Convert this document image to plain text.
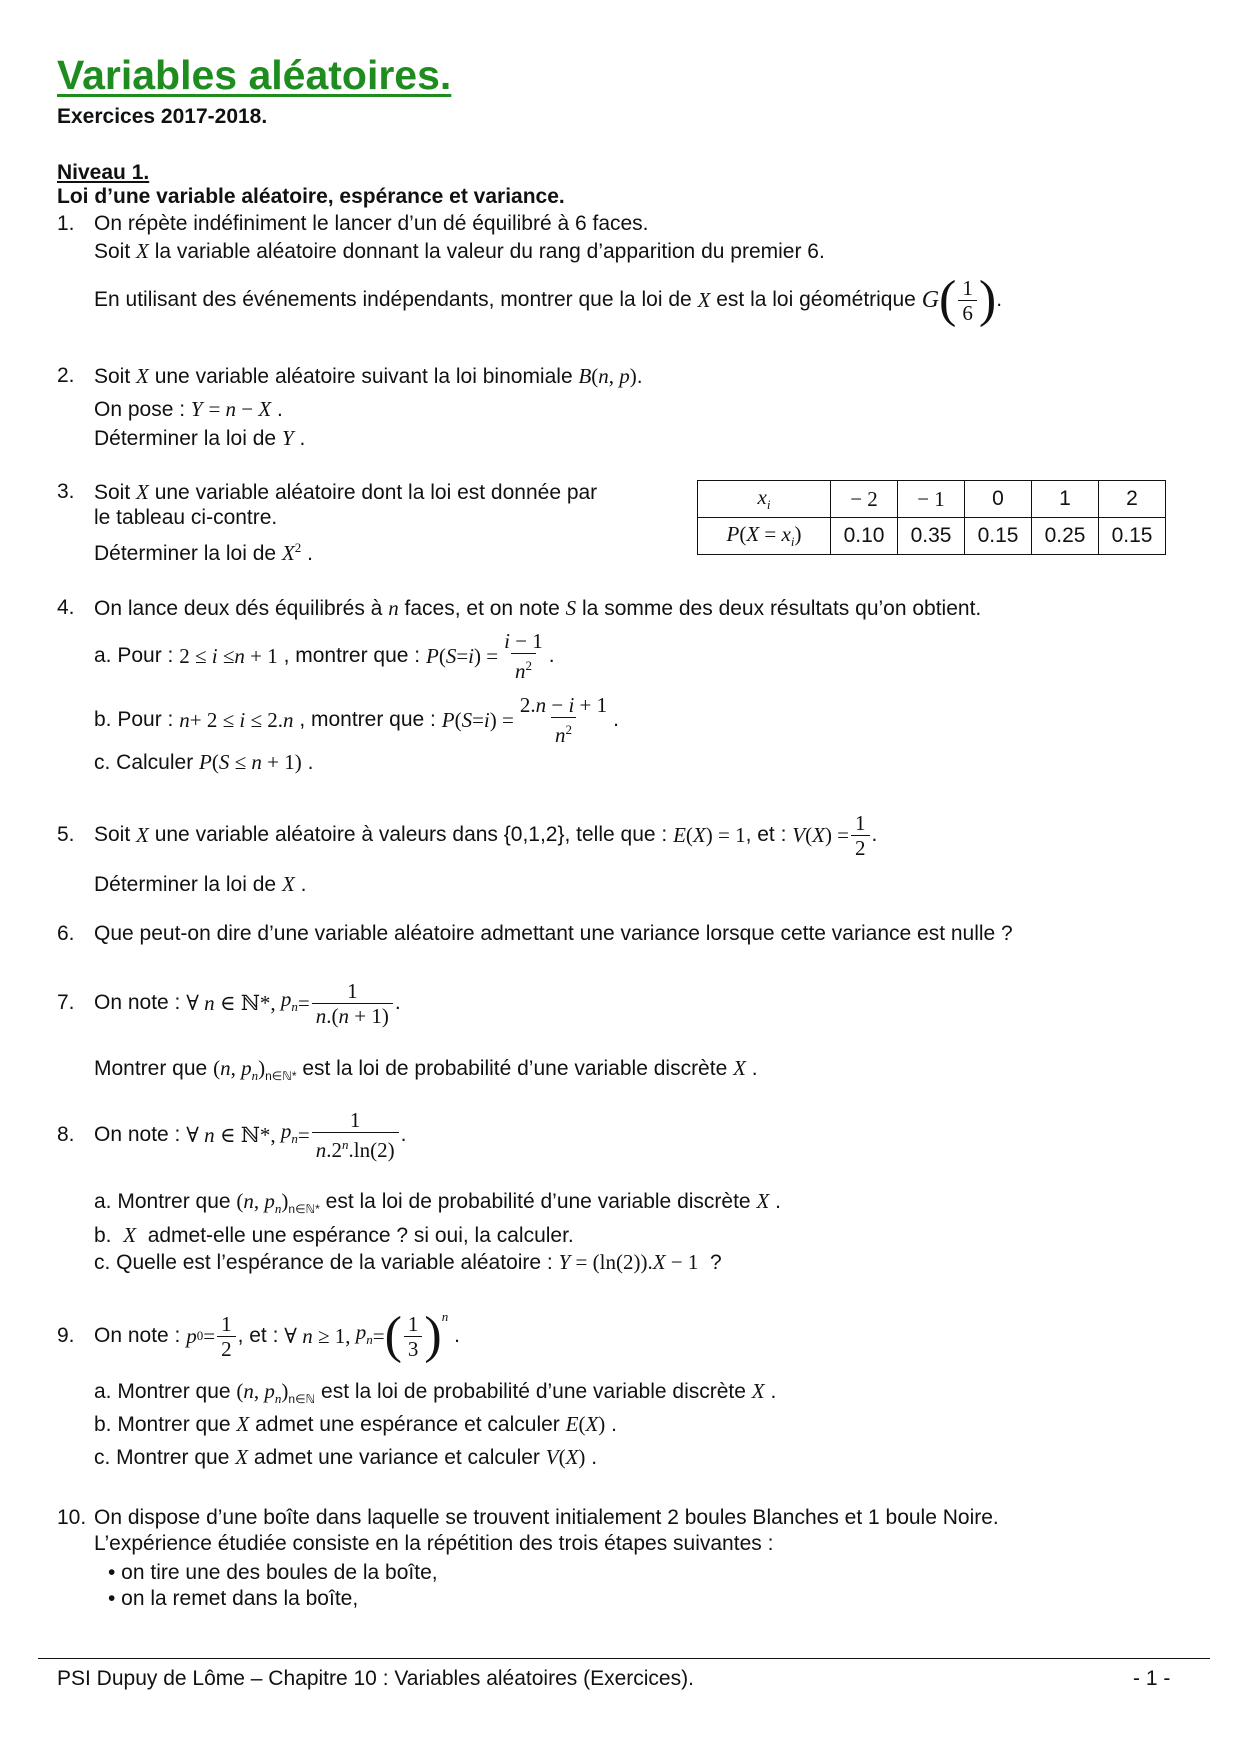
Variables aléatoires.
Exercices 2017-2018.
Niveau 1.
Loi d’une variable aléatoire, espérance et variance.
1. On répète indéfiniment le lancer d’un dé équilibré à 6 faces.
Soit X la variable aléatoire donnant la valeur du rang d’apparition du premier 6.
En utilisant des événements indépendants, montrer que la loi de
X
est la loi géométrique
G ( $\frac{1}{6}$ ) .
2. Soit X une variable aléatoire suivant la loi binomiale B(n, p).
On pose : Y = n − X .
Déterminer la loi de Y .
3. Soit X une variable aléatoire dont la loi est donnée par
le tableau ci-contre.
Déterminer la loi de $X^2$ .
$x_i$	− 2	− 1	0	1	2
$P(X = x_i)$	0.10	0.35	0.15	0.25	0.15
4. On lance deux dés équilibrés à n faces, et on note S la somme des deux résultats qu’on obtient.
a. Pour :
2 ≤ i ≤ n + 1
, montrer que :
P ( S = i ) = $\frac{i - 1}{n^2}$ .
b. Pour :
n + 2 ≤ i ≤ 2. n
, montrer que :
P ( S = i ) = $\frac{2.n - i + 1}{n^2}$ .
c. Calculer P(S ≤ n + 1) .
5. Soit
X
une variable aléatoire à valeurs dans {0,1,2}, telle que :
E ( X ) = 1 , et :
V ( X ) = $\frac{1}{2}$ .
Déterminer la loi de X .
6. Que peut-on dire d’une variable aléatoire admettant une variance lorsque cette variance est nulle ?
7. On note :
∀ n ∈ ℕ*, $p_n = \frac{1}{n.(n + 1)}$ .
Montrer que (n, $p_n)_{n\in ℕ*}$ est la loi de probabilité d’une variable discrète X .
8. On note :
∀ n ∈ ℕ*, $p_n = \frac{1}{n.2^n.\ln(2)}$ .
a. Montrer que (n, $p_n)_{n\in ℕ*}$ est la loi de probabilité d’une variable discrète X .
b.  X admet-elle une espérance ? si oui, la calculer.
c. Quelle est l’espérance de la variable aléatoire : Y = (ln(2)).X − 1  ?
9. On note :
p $0 = \frac{1}{2}$ , et :
∀ n ≥ 1, $p_n$ = ( $\frac{1}{3} )^n$
.
a. Montrer que (n, $p_n)_{n\in ℕ}$ est la loi de probabilité d’une variable discrète X .
b. Montrer que X admet une espérance et calculer E(X) .
c. Montrer que X admet une variance et calculer V(X) .
10. On dispose d’une boîte dans laquelle se trouvent initialement 2 boules Blanches et 1 boule Noire.
L’expérience étudiée consiste en la répétition des trois étapes suivantes :
• on tire une des boules de la boîte,
• on la remet dans la boîte,
PSI Dupuy de Lôme – Chapitre 10 : Variables aléatoires (Exercices).	- 1 -
